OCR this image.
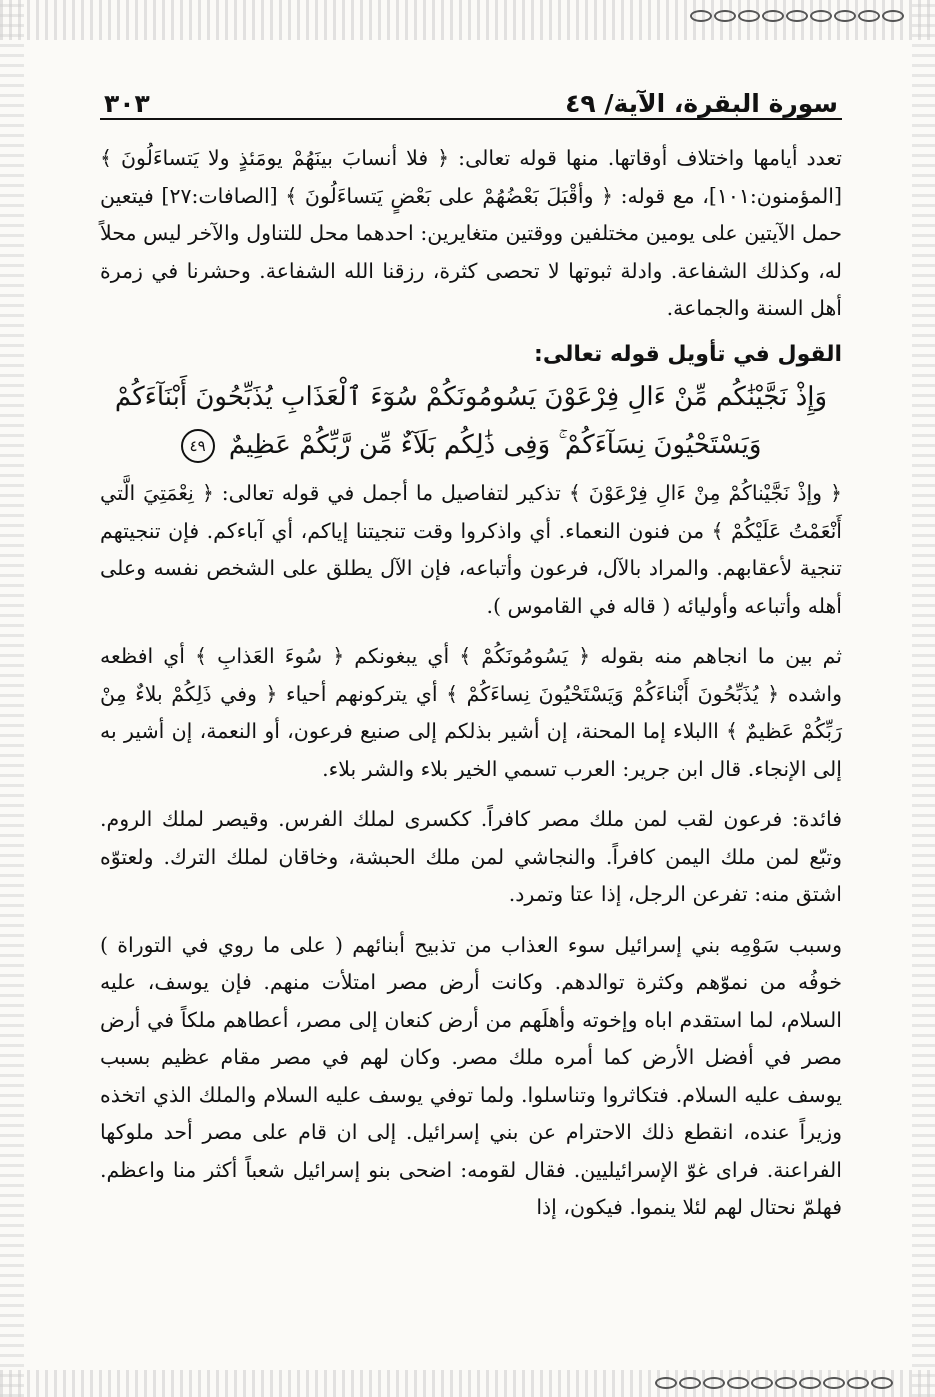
سورة البقرة، الآية/ ٤٩
٣٠٣

تعدد أيامها واختلاف أوقاتها. منها قوله تعالى: ﴿ فلا أنسابَ بينَهُمْ يومَئذٍ ولا يَتساءَلُونَ ﴾ [المؤمنون:١٠١]، مع قوله: ﴿ وأقْبَلَ بَعْضُهُمْ على بَعْضٍ يَتساءَلُونَ ﴾ [الصافات:٢٧] فيتعين حمل الآيتين على يومين مختلفين ووقتين متغايرين: احدهما محل للتناول والآخر ليس محلاً له، وكذلك الشفاعة. وادلة ثبوتها لا تحصى كثرة، رزقنا الله الشفاعة. وحشرنا في زمرة أهل السنة والجماعة.

القول في تأويل قوله تعالى:

وَإِذْ نَجَّيْنَٰكُم مِّنْ ءَالِ فِرْعَوْنَ يَسُومُونَكُمْ سُوٓءَ ٱلْعَذَابِ يُذَبِّحُونَ أَبْنَآءَكُمْ
وَيَسْتَحْيُونَ نِسَآءَكُمْ ۚ وَفِى ذَٰلِكُم بَلَآءٌ مِّن رَّبِّكُمْ عَظِيمٌ ٤٩

﴿ وإذْ نَجَّيْناكُمْ مِنْ ءَالِ فِرْعَوْنَ ﴾ تذكير لتفاصيل ما أجمل في قوله تعالى: ﴿ نِعْمَتِيَ الَّتي أَنْعَمْتُ عَلَيْكُمْ ﴾ من فنون النعماء. أي واذكروا وقت تنجيتنا إياكم، أي آباءكم. فإن تنجيتهم تنجية لأعقابهم. والمراد بالآل، فرعون وأتباعه، فإن الآل يطلق على الشخص نفسه وعلى أهله وأتباعه وأوليائه ( قاله في القاموس ).

ثم بين ما انجاهم منه بقوله ﴿ يَسُومُونَكُمْ ﴾ أي يبغونكم ﴿ سُوءَ العَذابِ ﴾ أي افظعه واشده ﴿ يُذَبِّحُونَ أَبْناءَكُمْ وَيَسْتَحْيُونَ نِساءَكُمْ ﴾ أي يتركونهم أحياء ﴿ وفي ذَلِكُمْ بلاءٌ مِنْ رَبِّكُمْ عَظيمٌ ﴾ االبلاء إما المحنة، إن أشير بذلكم إلى صنيع فرعون، أو النعمة، إن أشير به إلى الإنجاء. قال ابن جرير: العرب تسمي الخير بلاء والشر بلاء.

فائدة: فرعون لقب لمن ملك مصر كافراً. ككسرى لملك الفرس. وقيصر لملك الروم. وتبّع لمن ملك اليمن كافراً. والنجاشي لمن ملك الحبشة، وخاقان لملك الترك. ولعتوّه اشتق منه: تفرعن الرجل، إذا عتا وتمرد.

وسبب سَوْمِه بني إسرائيل سوء العذاب من تذبيح أبنائهم ( على ما روي في التوراة ) خوفُه من نموّهم وكثرة توالدهم. وكانت أرض مصر امتلأت منهم. فإن يوسف، عليه السلام، لما استقدم اباه وإخوته وأهلَهم من أرض كنعان إلى مصر، أعطاهم ملكاً في أرض مصر في أفضل الأرض كما أمره ملك مصر. وكان لهم في مصر مقام عظيم بسبب يوسف عليه السلام. فتكاثروا وتناسلوا. ولما توفي يوسف عليه السلام والملك الذي اتخذه وزيراً عنده، انقطع ذلك الاحترام عن بني إسرائيل. إلى ان قام على مصر أحد ملوكها الفراعنة. فراى غوّ الإسرائيليين. فقال لقومه: اضحى بنو إسرائيل شعباً أكثر منا واعظم. فهلمّ نحتال لهم لئلا ينموا. فيكون، إذا
